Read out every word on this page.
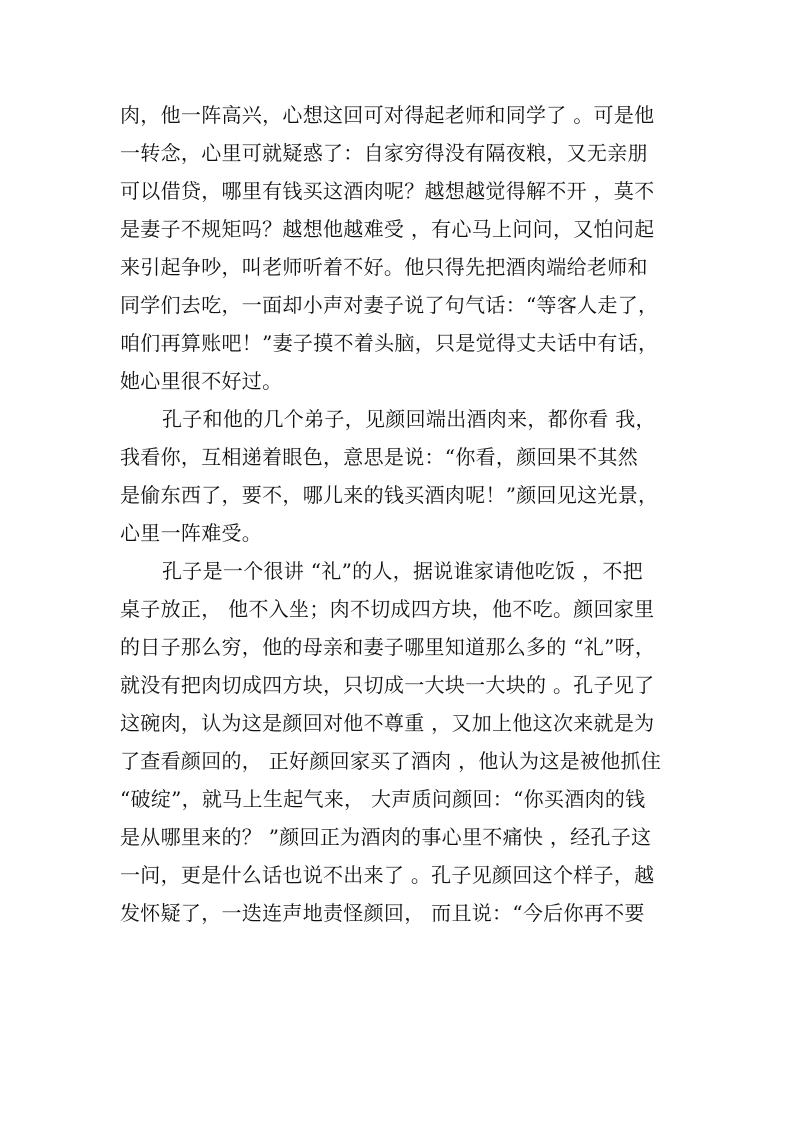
肉，他一阵高兴，心想这回可对得起老师和同学了 。可是他
一转念，心里可就疑惑了：自家穷得没有隔夜粮，又无亲朋
可以借贷，哪里有钱买这酒肉呢？越想越觉得解不开 ，莫不
是妻子不规矩吗？越想他越难受 ，有心马上问问，又怕问起
来引起争吵，叫老师听着不好。他只得先把酒肉端给老师和
同学们去吃，一面却小声对妻子说了句气话：“等客人走了，
咱们再算账吧！”妻子摸不着头脑，只是觉得丈夫话中有话，
她心里很不好过。
孔子和他的几个弟子，见颜回端出酒肉来，都你看 我，
我看你，互相递着眼色，意思是说：“你看，颜回果不其然
是偷东西了，要不，哪儿来的钱买酒肉呢！”颜回见这光景，
心里一阵难受。
孔子是一个很讲 “礼”的人，据说谁家请他吃饭 ，不把
桌子放正， 他不入坐；肉不切成四方块，他不吃。颜回家里
的日子那么穷，他的母亲和妻子哪里知道那么多的 “礼”呀，
就没有把肉切成四方块，只切成一大块一大块的 。孔子见了
这碗肉，认为这是颜回对他不尊重 ，又加上他这次来就是为
了查看颜回的， 正好颜回家买了酒肉 ，他认为这是被他抓住
“破绽”，就马上生起气来， 大声质问颜回：“你买酒肉的钱
是从哪里来的？ ”颜回正为酒肉的事心里不痛快 ，经孔子这
一问，更是什么话也说不出来了 。孔子见颜回这个样子，越
发怀疑了，一迭连声地责怪颜回， 而且说：“今后你再不要
